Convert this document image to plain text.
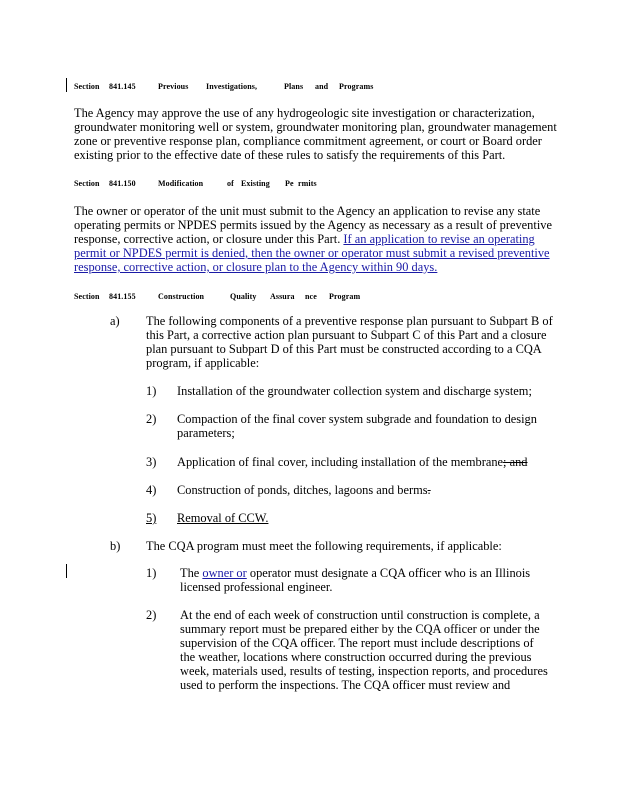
Section 841.145	Previous Investigations,	Plans and Programs
The Agency may approve the use of any hydrogeologic site investigation or characterization,
groundwater monitoring well or system, groundwater monitoring plan, groundwater management
zone or preventive response plan, compliance commitment agreement, or court or Board order
existing prior to the effective date of these rules to satisfy the requirements of this Part.
Section 841.150	Modification	of Existing Pe rmits
The owner or operator of the unit must submit to the Agency an application to revise any state
operating permits or NPDES permits issued by the Agency as necessary as a result of preventive
response, corrective action, or closure under this Part. If an application to revise an operating
permit or NPDES permit is denied, then the owner or operator must submit a revised preventive
response, corrective action, or closure plan to the Agency within 90 days.
Section 841.155	Construction	Quality Assura nce Program
a) The following components of a preventive response plan pursuant to Subpart B of
this Part, a corrective action plan pursuant to Subpart C of this Part and a closure
plan pursuant to Subpart D of this Part must be constructed according to a CQA
program, if applicable:
1) Installation of the groundwater collection system and discharge system;
2) Compaction of the final cover system subgrade and foundation to design
parameters;
3) Application of final cover, including installation of the membrane; and
4) Construction of ponds, ditches, lagoons and berms.
5) Removal of CCW.
b) The CQA program must meet the following requirements, if applicable:
1) The owner or operator must designate a CQA officer who is an Illinois
licensed professional engineer.
2) At the end of each week of construction until construction is complete, a
summary report must be prepared either by the CQA officer or under the
supervision of the CQA officer. The report must include descriptions of
the weather, locations where construction occurred during the previous
week, materials used, results of testing, inspection reports, and procedures
used to perform the inspections. The CQA officer must review and
